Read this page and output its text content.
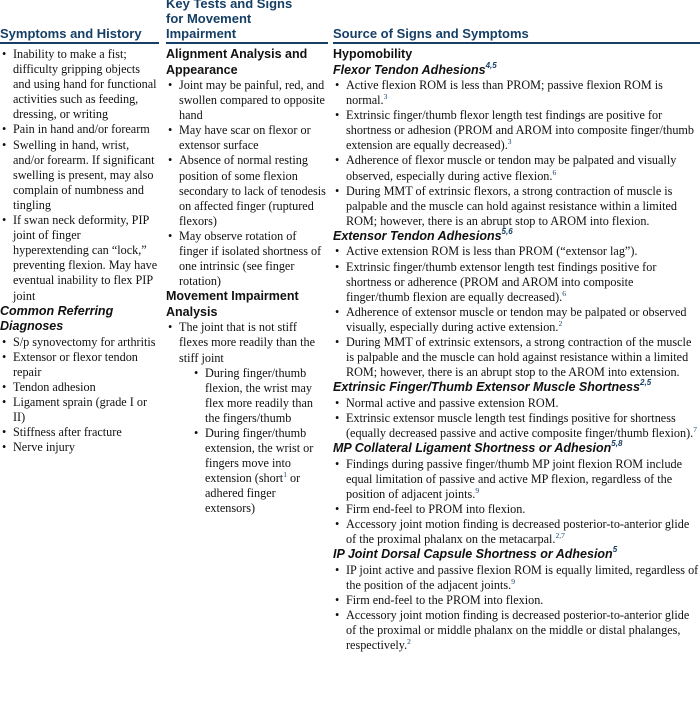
Symptoms and History
• Inability to make a fist; difficulty gripping objects and using hand for functional activities such as feeding, dressing, or writing
• Pain in hand and/or forearm
• Swelling in hand, wrist, and/or forearm. If significant swelling is present, may also complain of numbness and tingling
• If swan neck deformity, PIP joint of finger hyperextending can “lock,” preventing flexion. May have eventual inability to flex PIP joint
Common Referring Diagnoses
• S/p synovectomy for arthritis
• Extensor or flexor tendon repair
• Tendon adhesion
• Ligament sprain (grade I or II)
• Stiffness after fracture
• Nerve injury
Key Tests and Signs
for Movement
Impairment
Alignment Analysis and Appearance
• Joint may be painful, red, and swollen compared to opposite hand
• May have scar on flexor or extensor surface
• Absence of normal resting position of some flexion secondary to lack of tenodesis on affected finger (ruptured flexors)
• May observe rotation of finger if isolated shortness of one intrinsic (see finger rotation)
Movement Impairment Analysis
• The joint that is not stiff flexes more readily than the stiff joint
• During finger/thumb flexion, the wrist may flex more readily than the fingers/thumb
• During finger/thumb extension, the wrist or fingers move into extension (short$^1$ or adhered finger extensors)
Source of Signs and Symptoms
Hypomobility
Flexor Tendon Adhesions$^{4,5}$
• Active flexion ROM is less than PROM; passive flexion ROM is normal.$^3$
• Extrinsic finger/thumb flexor length test findings are positive for shortness or adhesion (PROM and AROM into composite finger/thumb extension are equally decreased).$^3$
• Adherence of flexor muscle or tendon may be palpated and visually observed, especially during active flexion.$^6$
• During MMT of extrinsic flexors, a strong contraction of muscle is palpable and the muscle can hold against resistance within a limited ROM; however, there is an abrupt stop to AROM into flexion.
Extensor Tendon Adhesions$^{5,6}$
• Active extension ROM is less than PROM (“extensor lag”).
• Extrinsic finger/thumb extensor length test findings positive for shortness or adherence (PROM and AROM into composite finger/thumb flexion are equally decreased).$^6$
• Adherence of extensor muscle or tendon may be palpated or observed visually, especially during active extension.$^2$
• During MMT of extrinsic extensors, a strong contraction of the muscle is palpable and the muscle can hold against resistance within a limited ROM; however, there is an abrupt stop to the AROM into extension.
Extrinsic Finger/Thumb Extensor Muscle Shortness$^{2,5}$
• Normal active and passive extension ROM.
• Extrinsic extensor muscle length test findings positive for shortness (equally decreased passive and active composite finger/thumb flexion).$^7$
MP Collateral Ligament Shortness or Adhesion$^{5,8}$
• Findings during passive finger/thumb MP joint flexion ROM include equal limitation of passive and active MP flexion, regardless of the position of adjacent joints.$^9$
• Firm end-feel to PROM into flexion.
• Accessory joint motion finding is decreased posterior-to-anterior glide of the proximal phalanx on the metacarpal.$^{2,7}$
IP Joint Dorsal Capsule Shortness or Adhesion$^5$
• IP joint active and passive flexion ROM is equally limited, regardless of the position of the adjacent joints.$^9$
• Firm end-feel to the PROM into flexion.
• Accessory joint motion finding is decreased posterior-to-anterior glide of the proximal or middle phalanx on the middle or distal phalanges, respectively.$^2$
